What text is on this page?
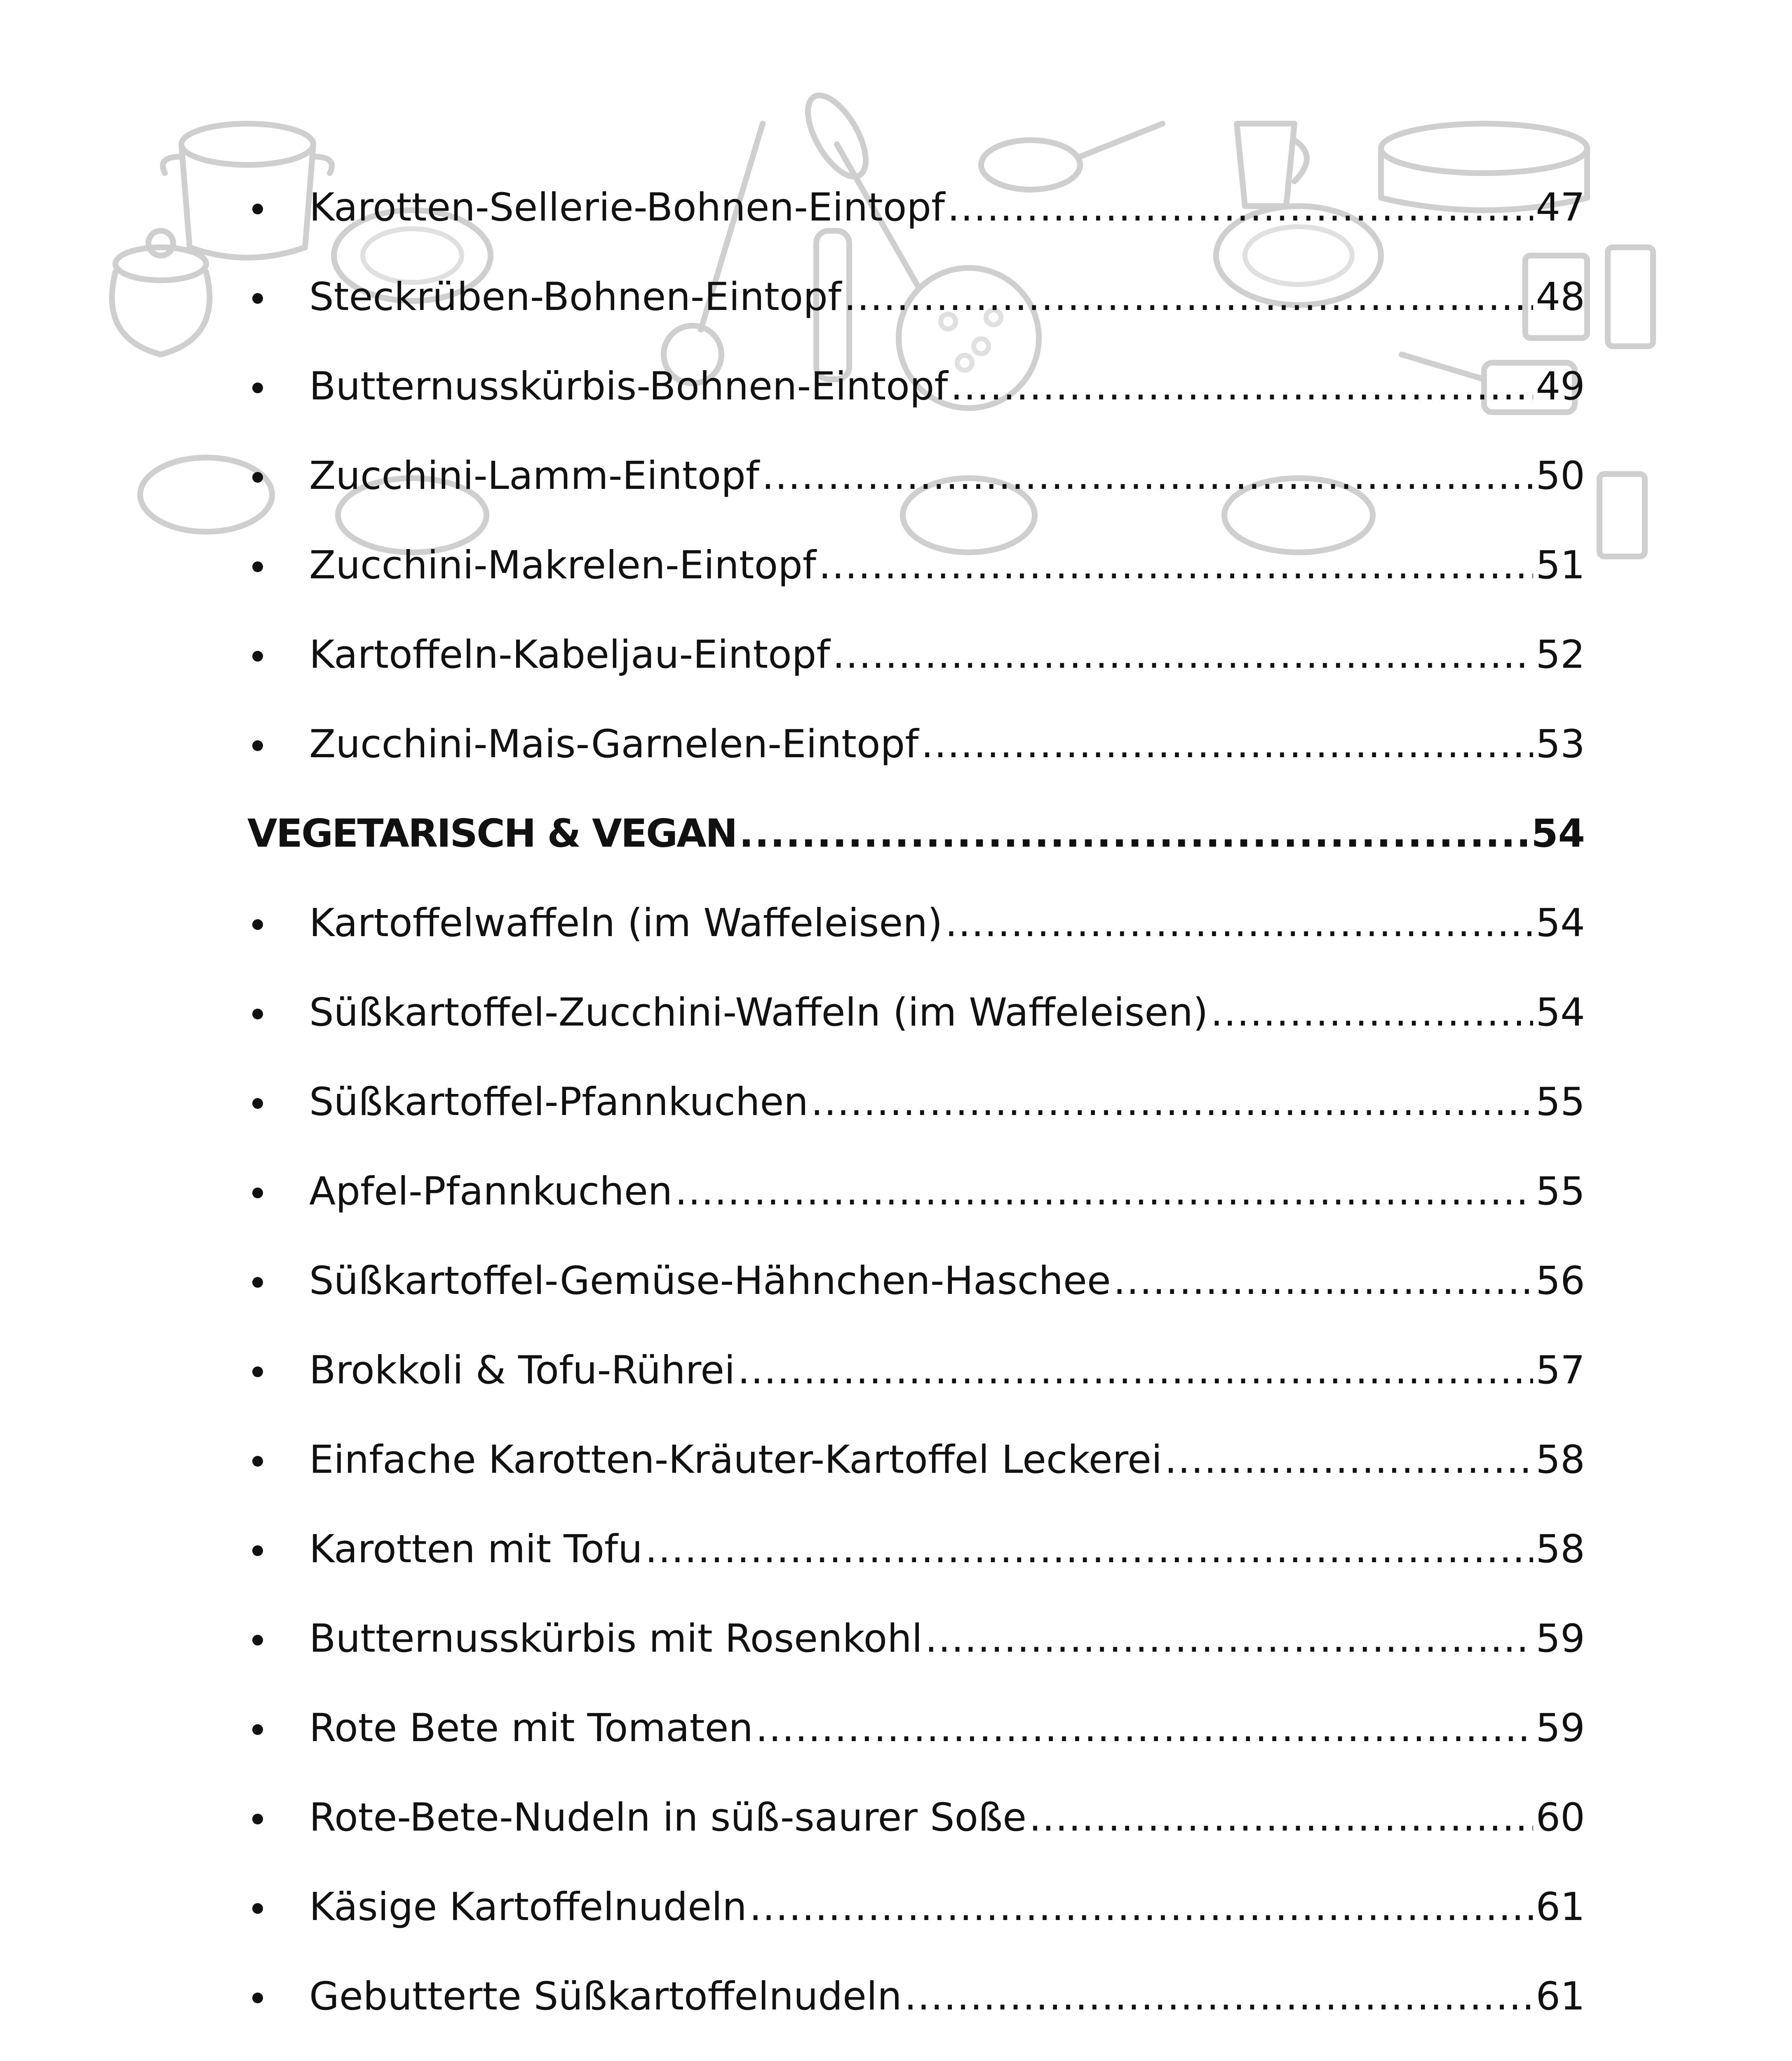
Karotten-Sellerie-Bohnen-Eintopf .....	47
Steckrüben-Bohnen-Eintopf .....	48
Butternusskürbis-Bohnen-Eintopf .....	49
Zucchini-Lamm-Eintopf .....	50
Zucchini-Makrelen-Eintopf .....	51
Kartoffeln-Kabeljau-Eintopf .....	52
Zucchini-Mais-Garnelen-Eintopf .....	53
VEGETARISCH & VEGAN .....	54
Kartoffelwaffeln (im Waffeleisen) .....	54
Süßkartoffel-Zucchini-Waffeln (im Waffeleisen) .....	54
Süßkartoffel-Pfannkuchen .....	55
Apfel-Pfannkuchen .....	55
Süßkartoffel-Gemüse-Hähnchen-Haschee .....	56
Brokkoli & Tofu-Rührei .....	57
Einfache Karotten-Kräuter-Kartoffel Leckerei .....	58
Karotten mit Tofu .....	58
Butternusskürbis mit Rosenkohl .....	59
Rote Bete mit Tomaten .....	59
Rote-Bete-Nudeln in süß-saurer Soße .....	60
Käsige Kartoffelnudeln .....	61
Gebutterte Süßkartoffelnudeln .....	61
